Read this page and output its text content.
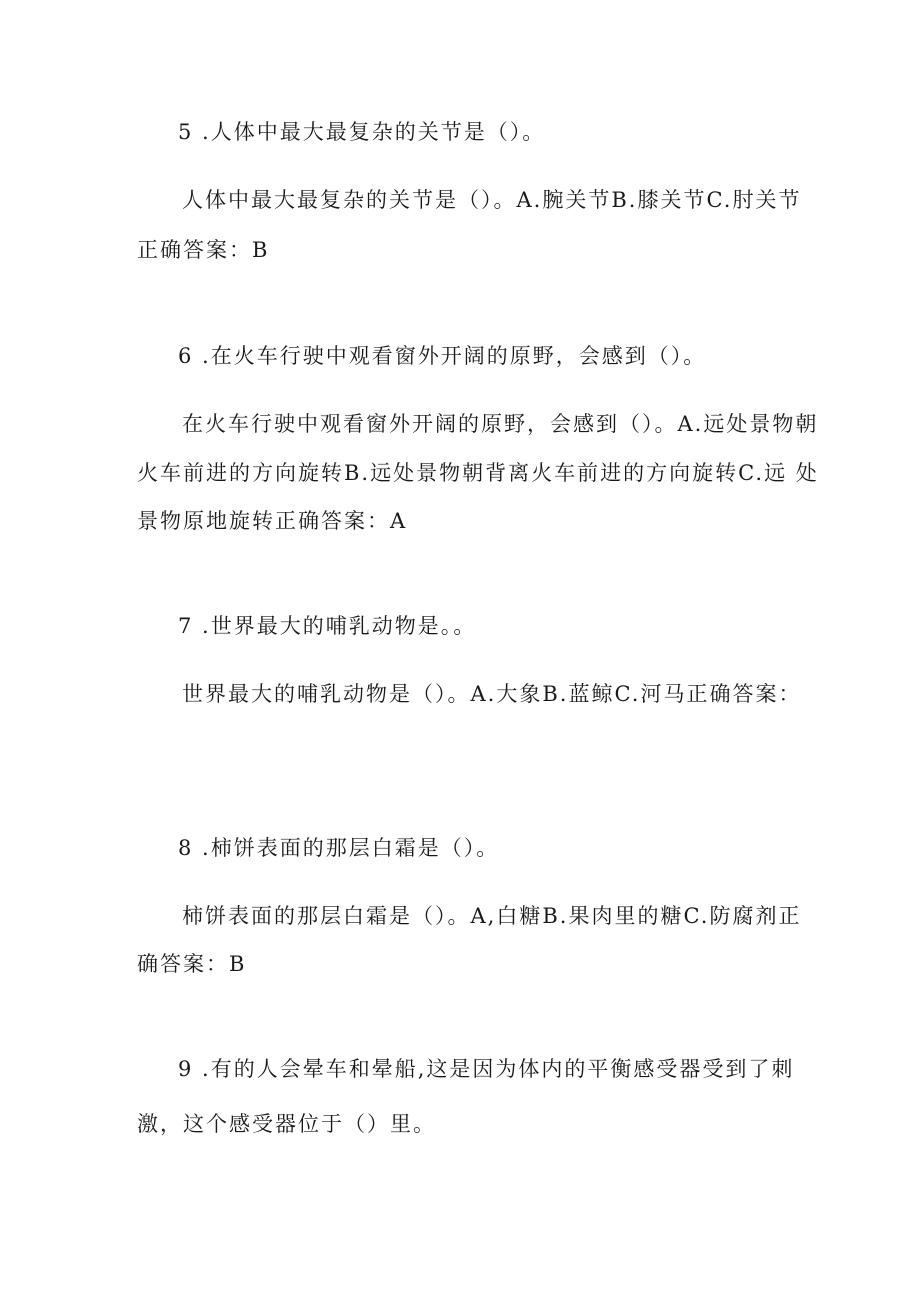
5 .人体中最大最复杂的关节是（）。
人体中最大最复杂的关节是（）。A.腕关节B.膝关节C.肘关节
正确答案：B
6 .在火车行驶中观看窗外开阔的原野，会感到（）。
在火车行驶中观看窗外开阔的原野，会感到（）。A.远处景物朝
火车前进的方向旋转B.远处景物朝背离火车前进的方向旋转C.远 处
景物原地旋转正确答案：A
7 .世界最大的哺乳动物是。。
世界最大的哺乳动物是（）。A.大象B.蓝鲸C.河马正确答案：
8 .柿饼表面的那层白霜是（）。
柿饼表面的那层白霜是（）。A,白糖B.果肉里的糖C.防腐剂正
确答案：B
9 .有的人会晕车和晕船,这是因为体内的平衡感受器受到了刺
激，这个感受器位于（）里。
